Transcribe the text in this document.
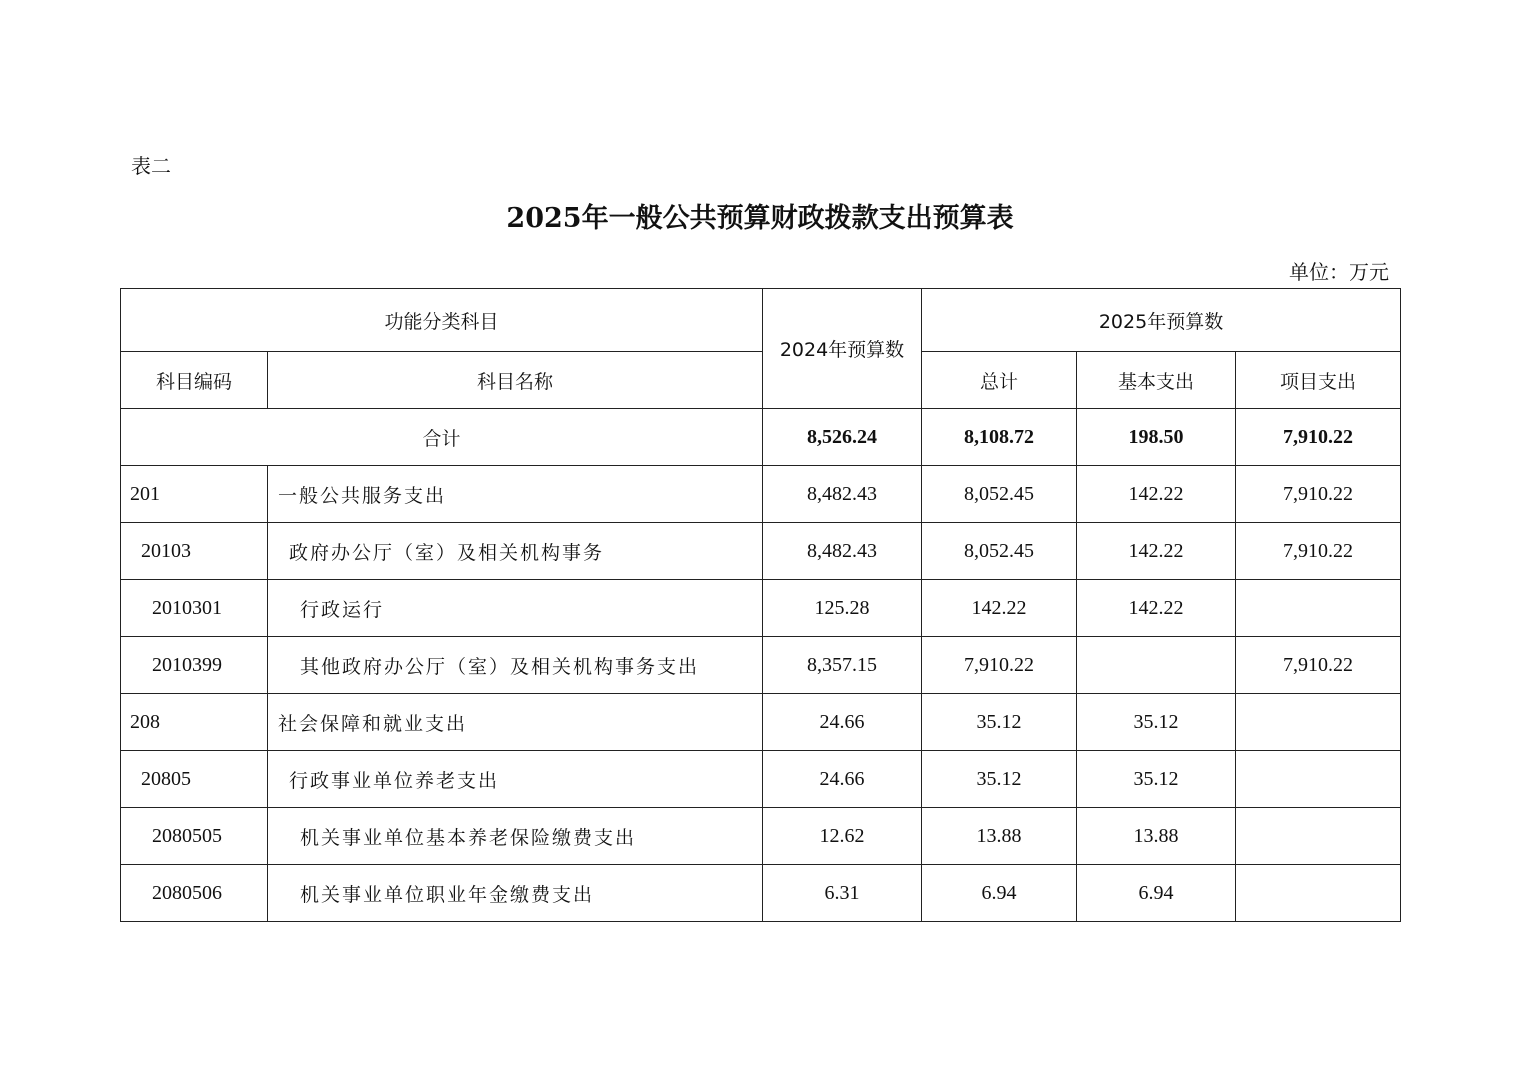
表二
2025年一般公共预算财政拨款支出预算表
单位：万元
功能分类科目		2024年预算数	2025年预算数		
科目编码	科目名称		总计	基本支出	项目支出
合计		8,526.24	8,108.72	198.50	7,910.22
201	一般公共服务支出	8,482.43	8,052.45	142.22	7,910.22
20103	政府办公厅（室）及相关机构事务	8,482.43	8,052.45	142.22	7,910.22
2010301	行政运行	125.28	142.22	142.22	
2010399	其他政府办公厅（室）及相关机构事务支出	8,357.15	7,910.22		7,910.22
208	社会保障和就业支出	24.66	35.12	35.12	
20805	行政事业单位养老支出	24.66	35.12	35.12	
2080505	机关事业单位基本养老保险缴费支出	12.62	13.88	13.88	
2080506	机关事业单位职业年金缴费支出	6.31	6.94	6.94	
